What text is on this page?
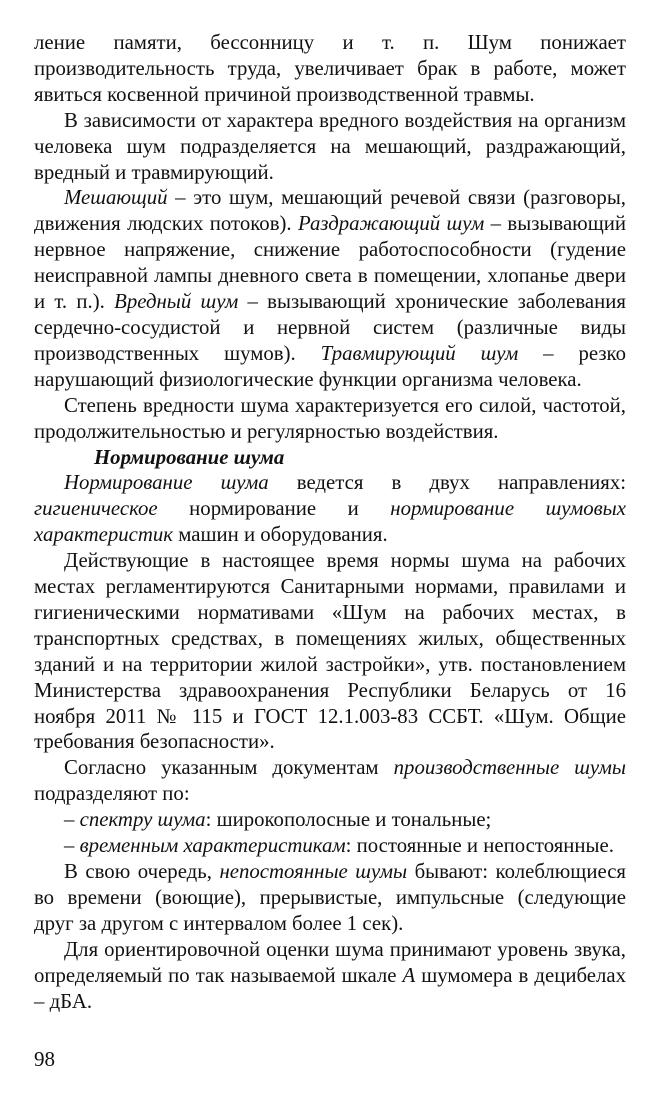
ление памяти, бессонницу и т. п. Шум понижает производительность труда, увеличивает брак в работе, может явиться косвенной причиной производственной травмы.

В зависимости от характера вредного воздействия на организм человека шум подразделяется на мешающий, раздражающий, вредный и травмирующий.

Мешающий – это шум, мешающий речевой связи (разговоры, движения людских потоков). Раздражающий шум – вызывающий нервное напряжение, снижение работоспособности (гудение неисправной лампы дневного света в помещении, хлопанье двери и т. п.). Вредный шум – вызывающий хронические заболевания сердечно-сосудистой и нервной систем (различные виды производственных шумов). Травмирующий шум – резко нарушающий физиологические функции организма человека.

Степень вредности шума характеризуется его силой, частотой, продолжительностью и регулярностью воздействия.

Нормирование шума

Нормирование шума ведется в двух направлениях: гигиеническое нормирование и нормирование шумовых характеристик машин и оборудования.

Действующие в настоящее время нормы шума на рабочих местах регламентируются Санитарными нормами, правилами и гигиеническими нормативами «Шум на рабочих местах, в транспортных средствах, в помещениях жилых, общественных зданий и на территории жилой застройки», утв. постановлением Министерства здравоохранения Республики Беларусь от 16 ноября 2011 № 115 и ГОСТ 12.1.003-83 ССБТ. «Шум. Общие требования безопасности».

Согласно указанным документам производственные шумы подразделяют по:

– спектру шума: широкополосные и тональные;

– временным характеристикам: постоянные и непостоянные.

В свою очередь, непостоянные шумы бывают: колеблющиеся во времени (воющие), прерывистые, импульсные (следующие друг за другом с интервалом более 1 сек).

Для ориентировочной оценки шума принимают уровень звука, определяемый по так называемой шкале А шумомера в децибелах – дБА.

98
